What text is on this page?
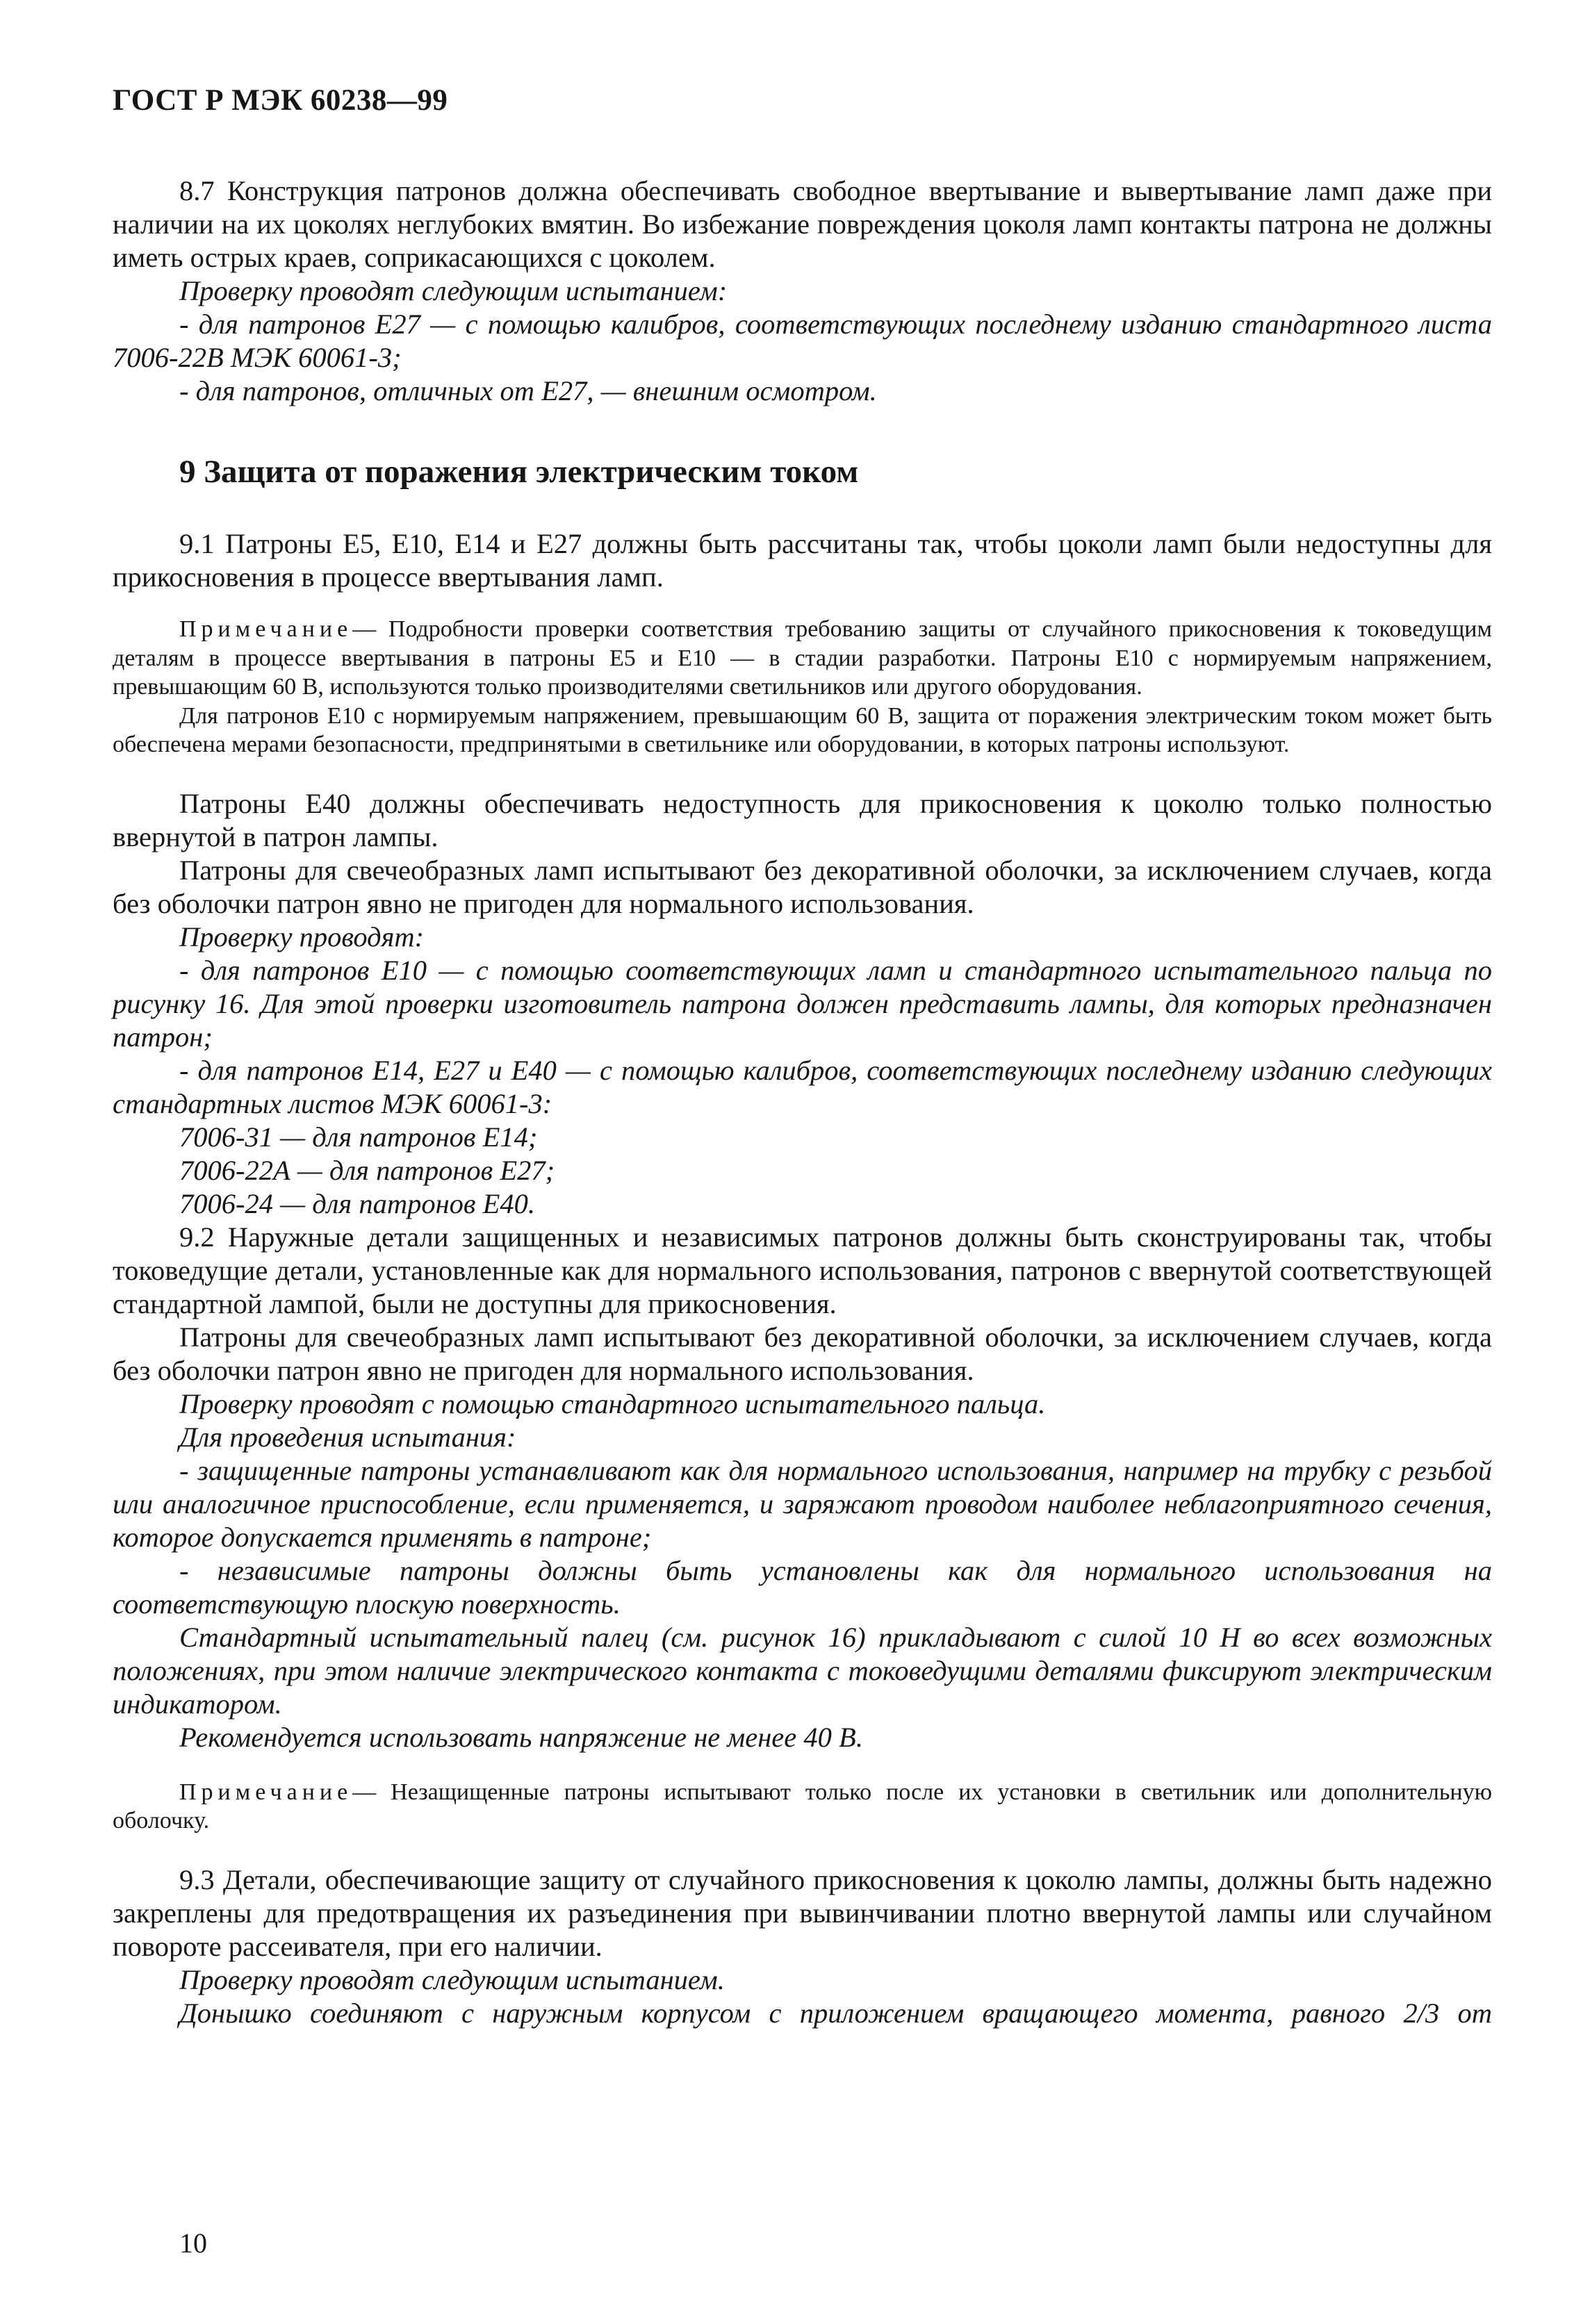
ГОСТ Р МЭК 60238—99

8.7 Конструкция патронов должна обеспечивать свободное ввертывание и вывертывание ламп даже при наличии на их цоколях неглубоких вмятин. Во избежание повреждения цоколя ламп контакты патрона не должны иметь острых краев, соприкасающихся с цоколем.

Проверку проводят следующим испытанием:

- для патронов Е27 — с помощью калибров, соответствующих последнему изданию стандартного листа 7006-22В МЭК 60061-3;

- для патронов, отличных от Е27, — внешним осмотром.

9 Защита от поражения электрическим током

9.1 Патроны Е5, Е10, Е14 и Е27 должны быть рассчитаны так, чтобы цоколи ламп были недоступны для прикосновения в процессе ввертывания ламп.

Примечание— Подробности проверки соответствия требованию защиты от случайного прикосновения к токоведущим деталям в процессе ввертывания в патроны Е5 и Е10 — в стадии разработки. Патроны Е10 с нормируемым напряжением, превышающим 60 В, используются только производителями светильников или другого оборудования.

Для патронов Е10 с нормируемым напряжением, превышающим 60 В, защита от поражения электрическим током может быть обеспечена мерами безопасности, предпринятыми в светильнике или оборудовании, в которых патроны используют.

Патроны Е40 должны обеспечивать недоступность для прикосновения к цоколю только полностью ввернутой в патрон лампы.

Патроны для свечеобразных ламп испытывают без декоративной оболочки, за исключением случаев, когда без оболочки патрон явно не пригоден для нормального использования.

Проверку проводят:

- для патронов Е10 — с помощью соответствующих ламп и стандартного испытательного пальца по рисунку 16. Для этой проверки изготовитель патрона должен представить лампы, для которых предназначен патрон;

- для патронов Е14, Е27 и Е40 — с помощью калибров, соответствующих последнему изданию следующих стандартных листов МЭК 60061-3:

7006-31 — для патронов Е14;

7006-22А — для патронов Е27;

7006-24 — для патронов Е40.

9.2 Наружные детали защищенных и независимых патронов должны быть сконструированы так, чтобы токоведущие детали, установленные как для нормального использования, патронов с ввернутой соответствующей стандартной лампой, были не доступны для прикосновения.

Патроны для свечеобразных ламп испытывают без декоративной оболочки, за исключением случаев, когда без оболочки патрон явно не пригоден для нормального использования.

Проверку проводят с помощью стандартного испытательного пальца.

Для проведения испытания:

- защищенные патроны устанавливают как для нормального использования, например на трубку с резьбой или аналогичное приспособление, если применяется, и заряжают проводом наиболее неблагоприятного сечения, которое допускается применять в патроне;

- независимые патроны должны быть установлены как для нормального использования на соответствующую плоскую поверхность.

Стандартный испытательный палец (см. рисунок 16) прикладывают с силой 10 Н во всех возможных положениях, при этом наличие электрического контакта с токоведущими деталями фиксируют электрическим индикатором.

Рекомендуется использовать напряжение не менее 40 В.

Примечание— Незащищенные патроны испытывают только после их установки в светильник или дополнительную оболочку.

9.3 Детали, обеспечивающие защиту от случайного прикосновения к цоколю лампы, должны быть надежно закреплены для предотвращения их разъединения при вывинчивании плотно ввернутой лампы или случайном повороте рассеивателя, при его наличии.

Проверку проводят следующим испытанием.

Донышко соединяют с наружным корпусом с приложением вращающего момента, равного 2/3 от

10
